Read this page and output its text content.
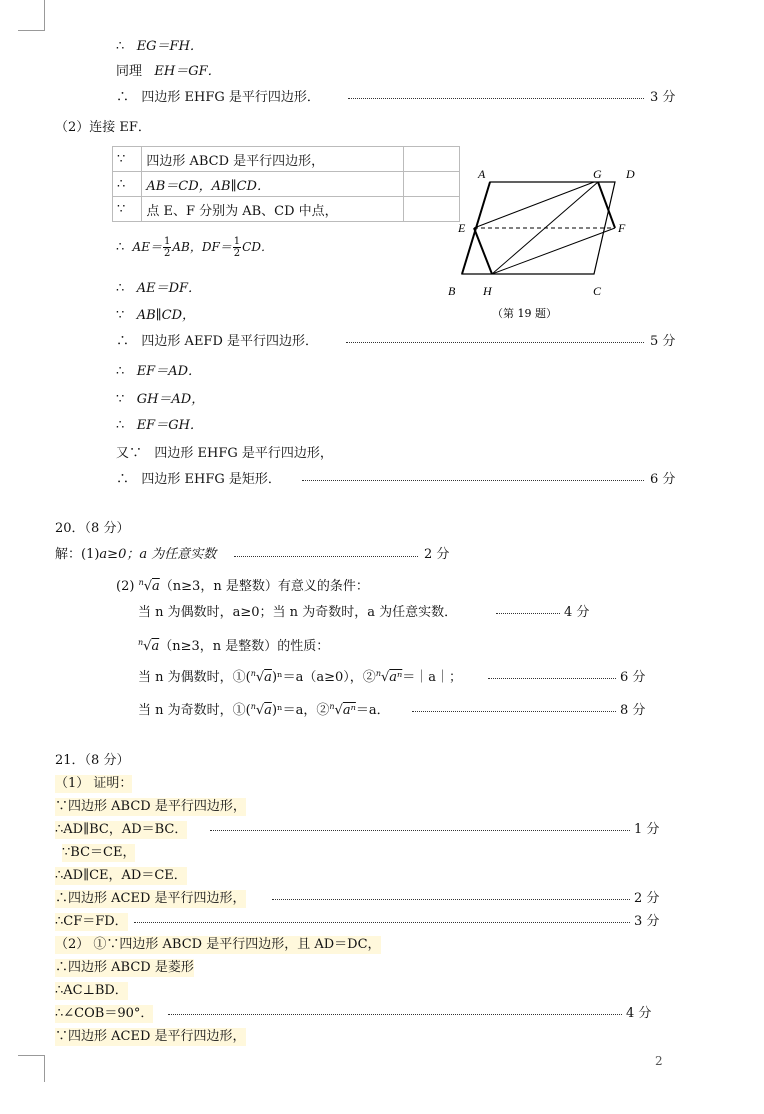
∴ EG＝FH．
同理 EH＝GF．
∴ 四边形 EHFG 是平行四边形．	3 分
（2）连接 EF．
∵	四边形 ABCD 是平行四边形，	
∴	AB＝CD，AB∥CD．	
∵	点 E、F 分别为 AB、CD 中点，	
∴ $AE= \frac{1}{2}$ AB，$DF= \frac{1}{2}$ CD．
∴ AE＝DF．
∵ AB∥CD，
∴ 四边形 AEFD 是平行四边形．	5 分
∴ EF＝AD．
∵ GH＝AD，
∴ EF＝GH．
又∵ 四边形 EHFG 是平行四边形，
∴ 四边形 EHFG 是矩形．	6 分
A	G D
E	F
B H	C
（第 19 题）
20．（8 分）
解：(1)a≥0；a 为任意实数	2 分
(2) $^n$√a（n≥3，n 是整数）有意义的条件：
当 n 为偶数时，a≥0；当 n 为奇数时，a 为任意实数．	4 分
$^n$√a（n≥3，n 是整数）的性质：
当 n 为偶数时，①($^n$√a)ⁿ＝a（a≥0），②$^n$√aⁿ＝｜a｜；	6 分
当 n 为奇数时，①($^n$√a)ⁿ＝a，②$^n$√aⁿ＝a．	8 分
21．（8 分）
（1） 证明：
∵四边形 ABCD 是平行四边形，
∴AD∥BC，AD＝BC．	1 分
∵BC＝CE，
∴AD∥CE，AD＝CE．
∴四边形 ACED 是平行四边形，	2 分
∴CF＝FD．	3 分
（2） ①∵四边形 ABCD 是平行四边形，且 AD＝DC，
∴四边形 ABCD 是菱形
∴AC⊥BD．
∴∠COB＝90°．	4 分
∵四边形 ACED 是平行四边形，
2
